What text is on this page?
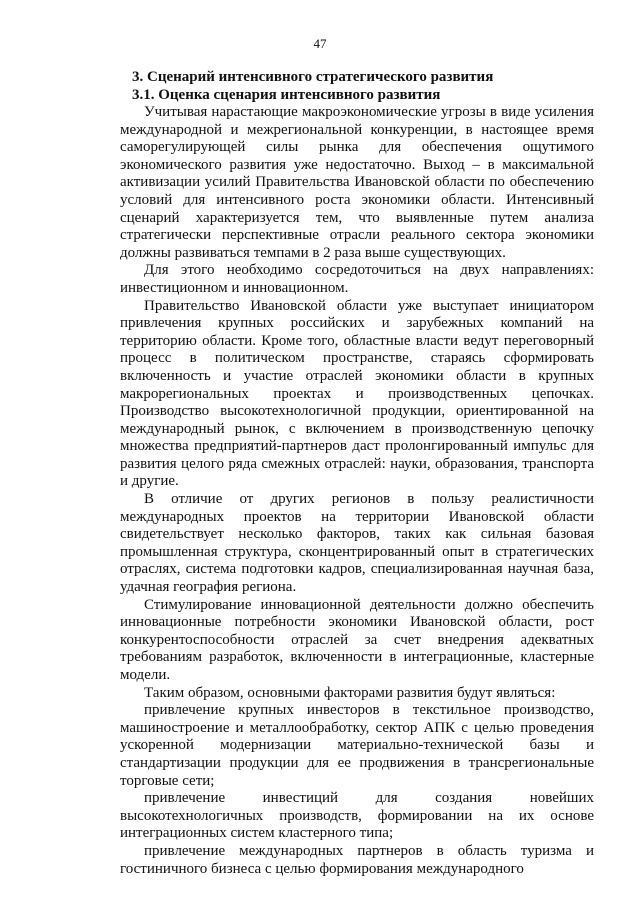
47
3. Сценарий интенсивного стратегического развития
3.1. Оценка сценария интенсивного развития

Учитывая нарастающие макроэкономические угрозы в виде усиления международной и межрегиональной конкуренции, в настоящее время саморегулирующей силы рынка для обеспечения ощутимого экономического развития уже недостаточно. Выход – в максимальной активизации усилий Правительства Ивановской области по обеспечению условий для интенсивного роста экономики области. Интенсивный сценарий характеризуется тем, что выявленные путем анализа стратегически перспективные отрасли реального сектора экономики должны развиваться темпами в 2 раза выше существующих.

Для этого необходимо сосредоточиться на двух направлениях: инвестиционном и инновационном.

Правительство Ивановской области уже выступает инициатором привлечения крупных российских и зарубежных компаний на территорию области. Кроме того, областные власти ведут переговорный процесс в политическом пространстве, стараясь сформировать включенность и участие отраслей экономики области в крупных макрорегиональных проектах и производственных цепочках. Производство высокотехнологичной продукции, ориентированной на международный рынок, с включением в производственную цепочку множества предприятий-партнеров даст пролонгированный импульс для развития целого ряда смежных отраслей: науки, образования, транспорта и другие.

В отличие от других регионов в пользу реалистичности международных проектов на территории Ивановской области свидетельствует несколько факторов, таких как сильная базовая промышленная структура, сконцентрированный опыт в стратегических отраслях, система подготовки кадров, специализированная научная база, удачная география региона.

Стимулирование инновационной деятельности должно обеспечить инновационные потребности экономики Ивановской области, рост конкурентоспособности отраслей за счет внедрения адекватных требованиям разработок, включенности в интеграционные, кластерные модели.

Таким образом, основными факторами развития будут являться:

привлечение крупных инвесторов в текстильное производство, машиностроение и металлообработку, сектор АПК с целью проведения ускоренной модернизации материально-технической базы и стандартизации продукции для ее продвижения в трансрегиональные торговые сети;

привлечение инвестиций для создания новейших высокотехнологичных производств, формировании на их основе интеграционных систем кластерного типа;

привлечение международных партнеров в область туризма и гостиничного бизнеса с целью формирования международного
